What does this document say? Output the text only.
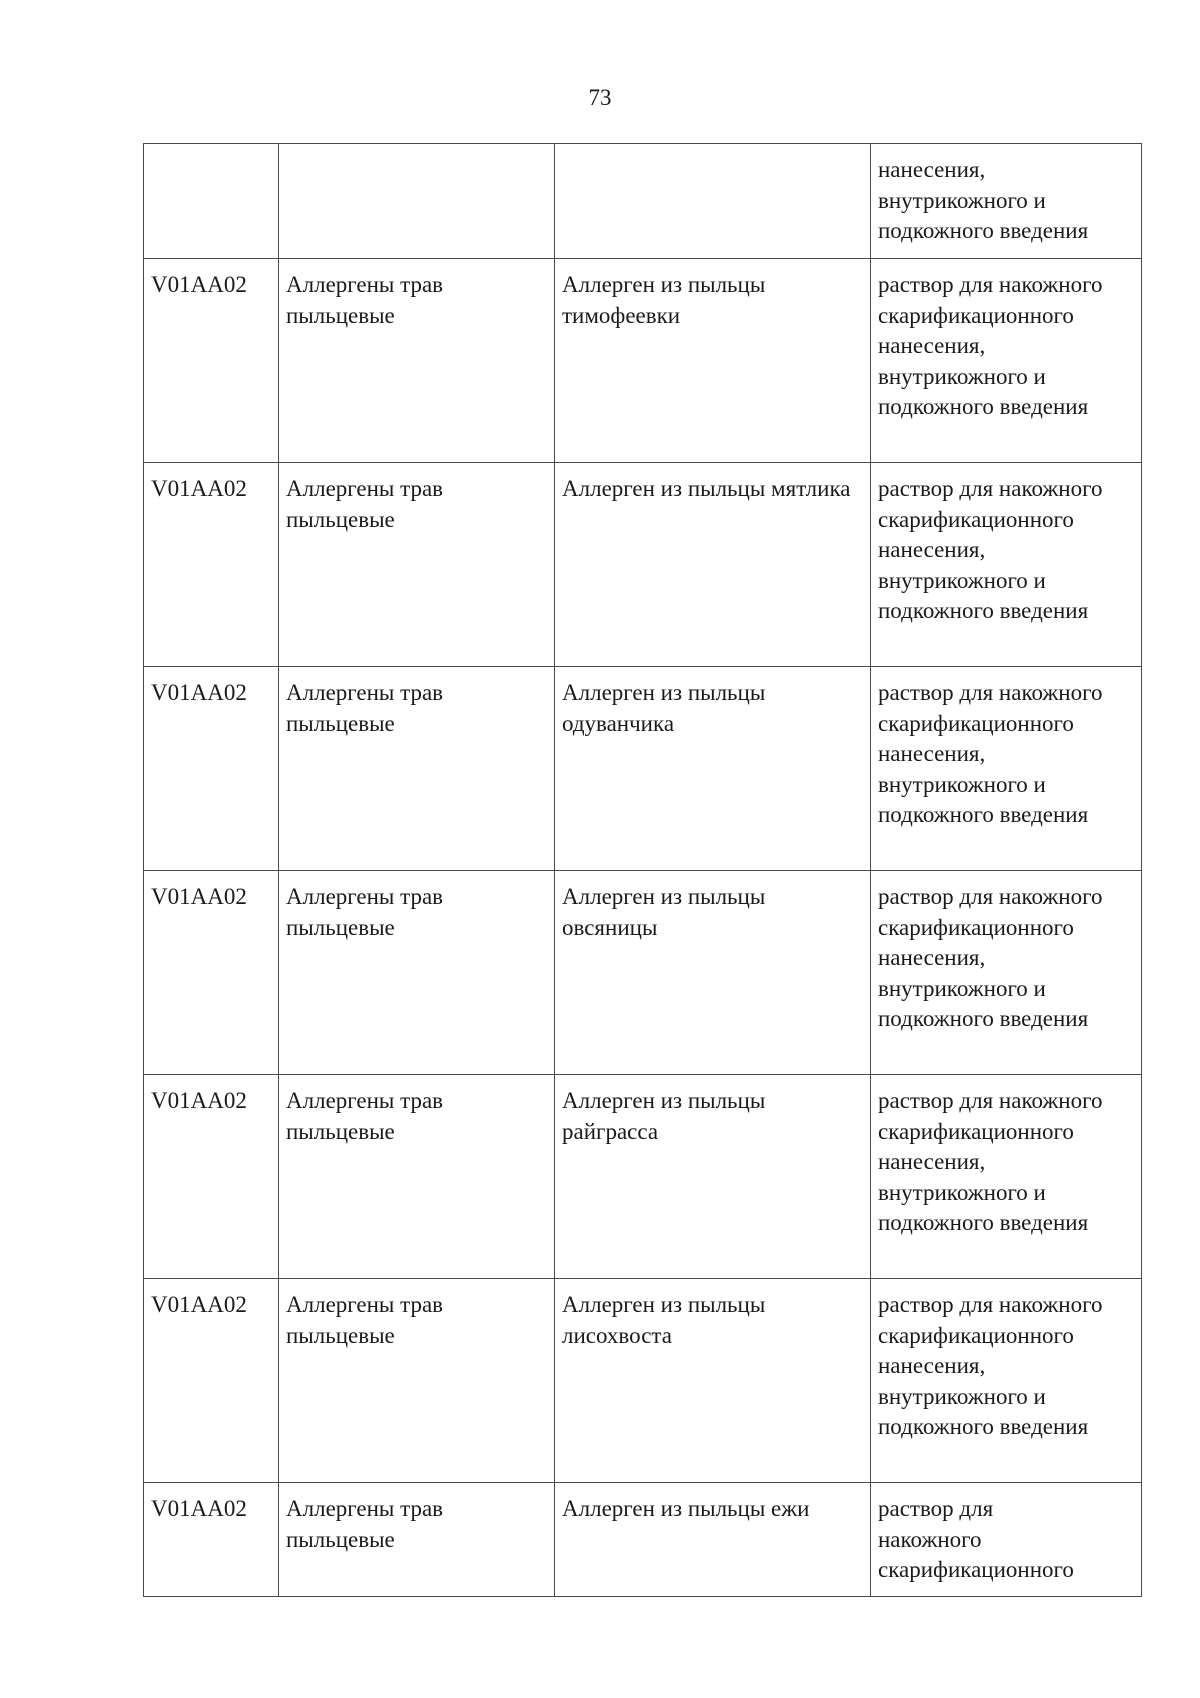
73
			нанесения,
внутрикожного и
подкожного введения
V01AA02	Аллергены трав пыльцевые	Аллерген из пыльцы тимофеевки	раствор для накожного скарификационного нанесения, внутрикожного и подкожного введения
V01AA02	Аллергены трав пыльцевые	Аллерген из пыльцы мятлика	раствор для накожного скарификационного нанесения, внутрикожного и подкожного введения
V01AA02	Аллергены трав пыльцевые	Аллерген из пыльцы одуванчика	раствор для накожного скарификационного нанесения, внутрикожного и подкожного введения
V01AA02	Аллергены трав пыльцевые	Аллерген из пыльцы овсяницы	раствор для накожного скарификационного нанесения, внутрикожного и подкожного введения
V01AA02	Аллергены трав пыльцевые	Аллерген из пыльцы райграсса	раствор для накожного скарификационного нанесения, внутрикожного и подкожного введения
V01AA02	Аллергены трав пыльцевые	Аллерген из пыльцы лисохвоста	раствор для накожного скарификационного нанесения, внутрикожного и подкожного введения
V01AA02	Аллергены трав пыльцевые	Аллерген из пыльцы ежи	раствор для
накожного
скарификационного
